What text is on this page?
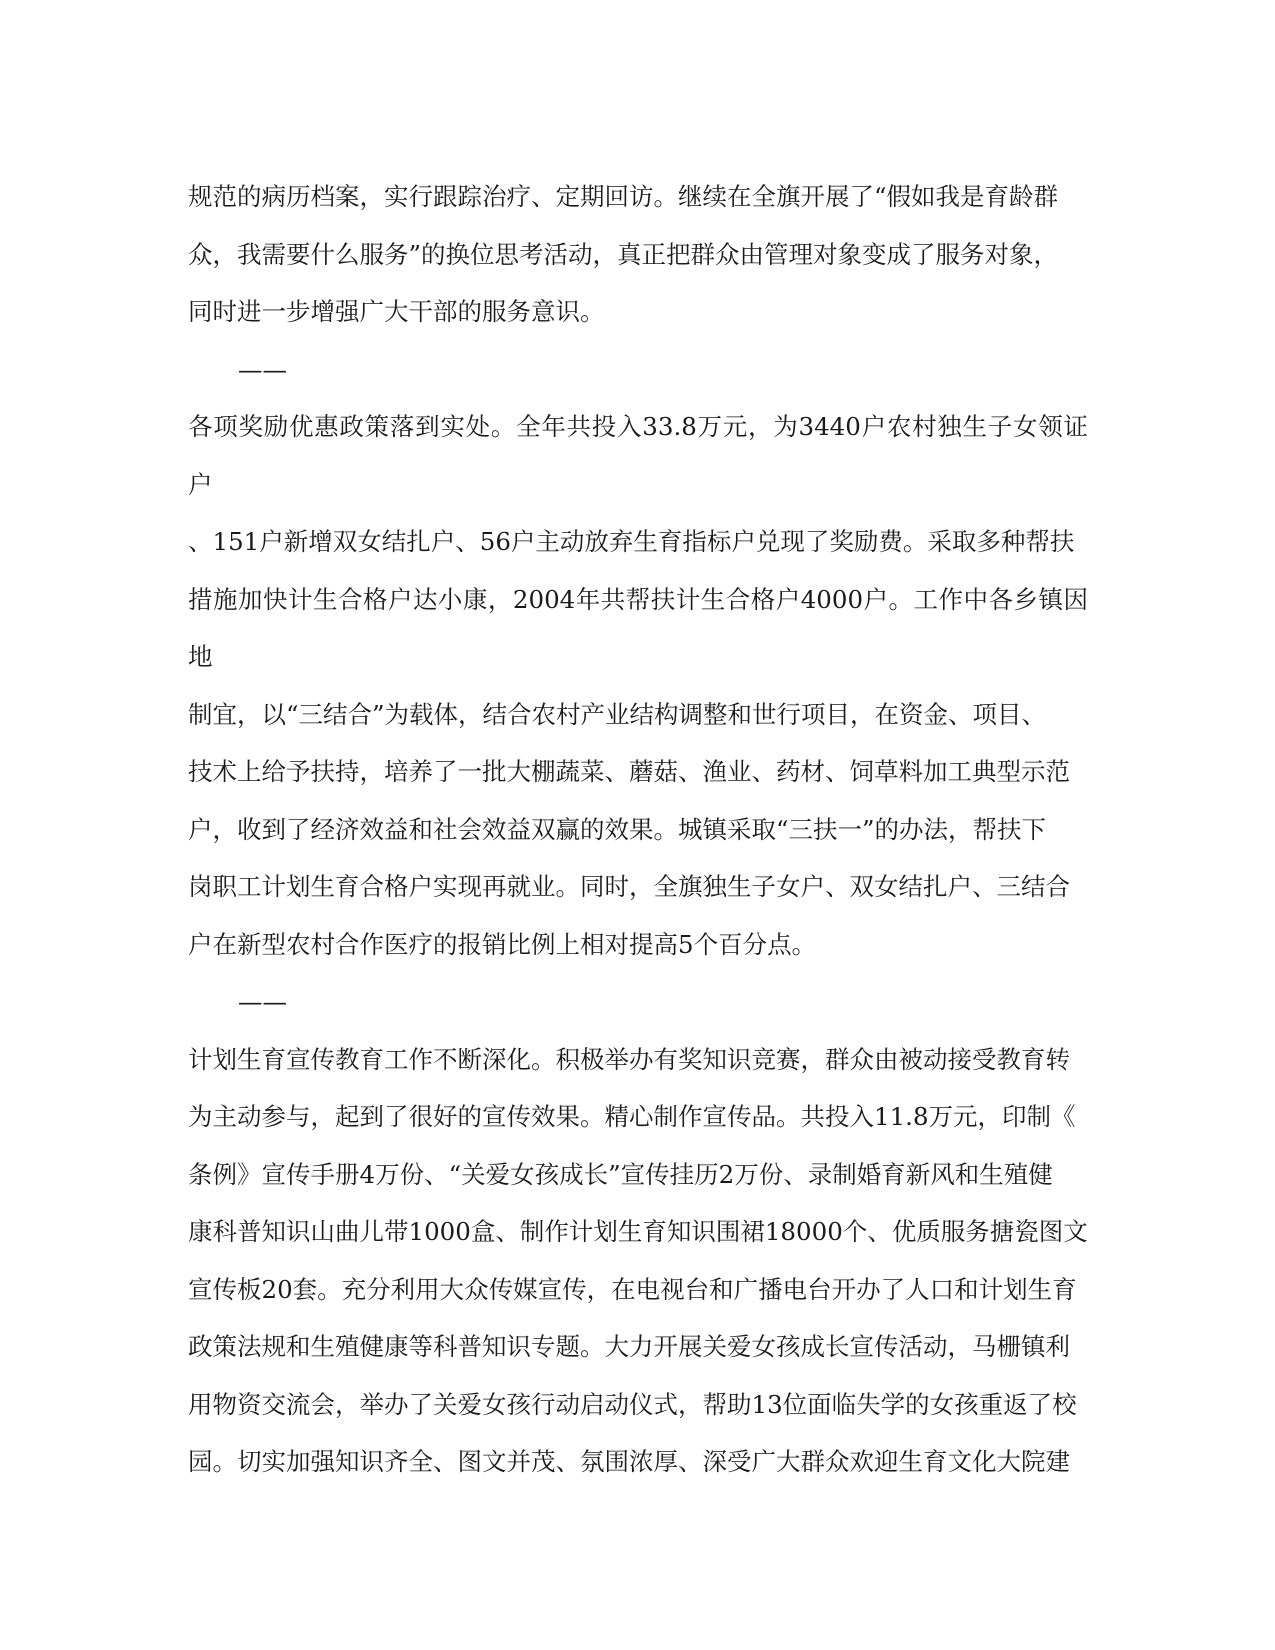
规范的病历档案，实行跟踪治疗、定期回访。继续在全旗开展了“假如我是育龄群
众，我需要什么服务”的换位思考活动，真正把群众由管理对象变成了服务对象，
同时进一步增强广大干部的服务意识。

——

各项奖励优惠政策落到实处。全年共投入33.8万元，为3440户农村独生子女领证户
、151户新增双女结扎户、56户主动放弃生育指标户兑现了奖励费。采取多种帮扶
措施加快计生合格户达小康，2004年共帮扶计生合格户4000户。工作中各乡镇因地
制宜，以“三结合”为载体，结合农村产业结构调整和世行项目，在资金、项目、
技术上给予扶持，培养了一批大棚蔬菜、蘑菇、渔业、药材、饲草料加工典型示范
户，收到了经济效益和社会效益双赢的效果。城镇采取“三扶一”的办法，帮扶下
岗职工计划生育合格户实现再就业。同时，全旗独生子女户、双女结扎户、三结合
户在新型农村合作医疗的报销比例上相对提高5个百分点。

——

计划生育宣传教育工作不断深化。积极举办有奖知识竞赛，群众由被动接受教育转
为主动参与，起到了很好的宣传效果。精心制作宣传品。共投入11.8万元，印制《
条例》宣传手册4万份、“关爱女孩成长”宣传挂历2万份、录制婚育新风和生殖健
康科普知识山曲儿带1000盒、制作计划生育知识围裙18000个、优质服务搪瓷图文
宣传板20套。充分利用大众传媒宣传，在电视台和广播电台开办了人口和计划生育
政策法规和生殖健康等科普知识专题。大力开展关爱女孩成长宣传活动，马栅镇利
用物资交流会，举办了关爱女孩行动启动仪式，帮助13位面临失学的女孩重返了校
园。切实加强知识齐全、图文并茂、氛围浓厚、深受广大群众欢迎生育文化大院建
